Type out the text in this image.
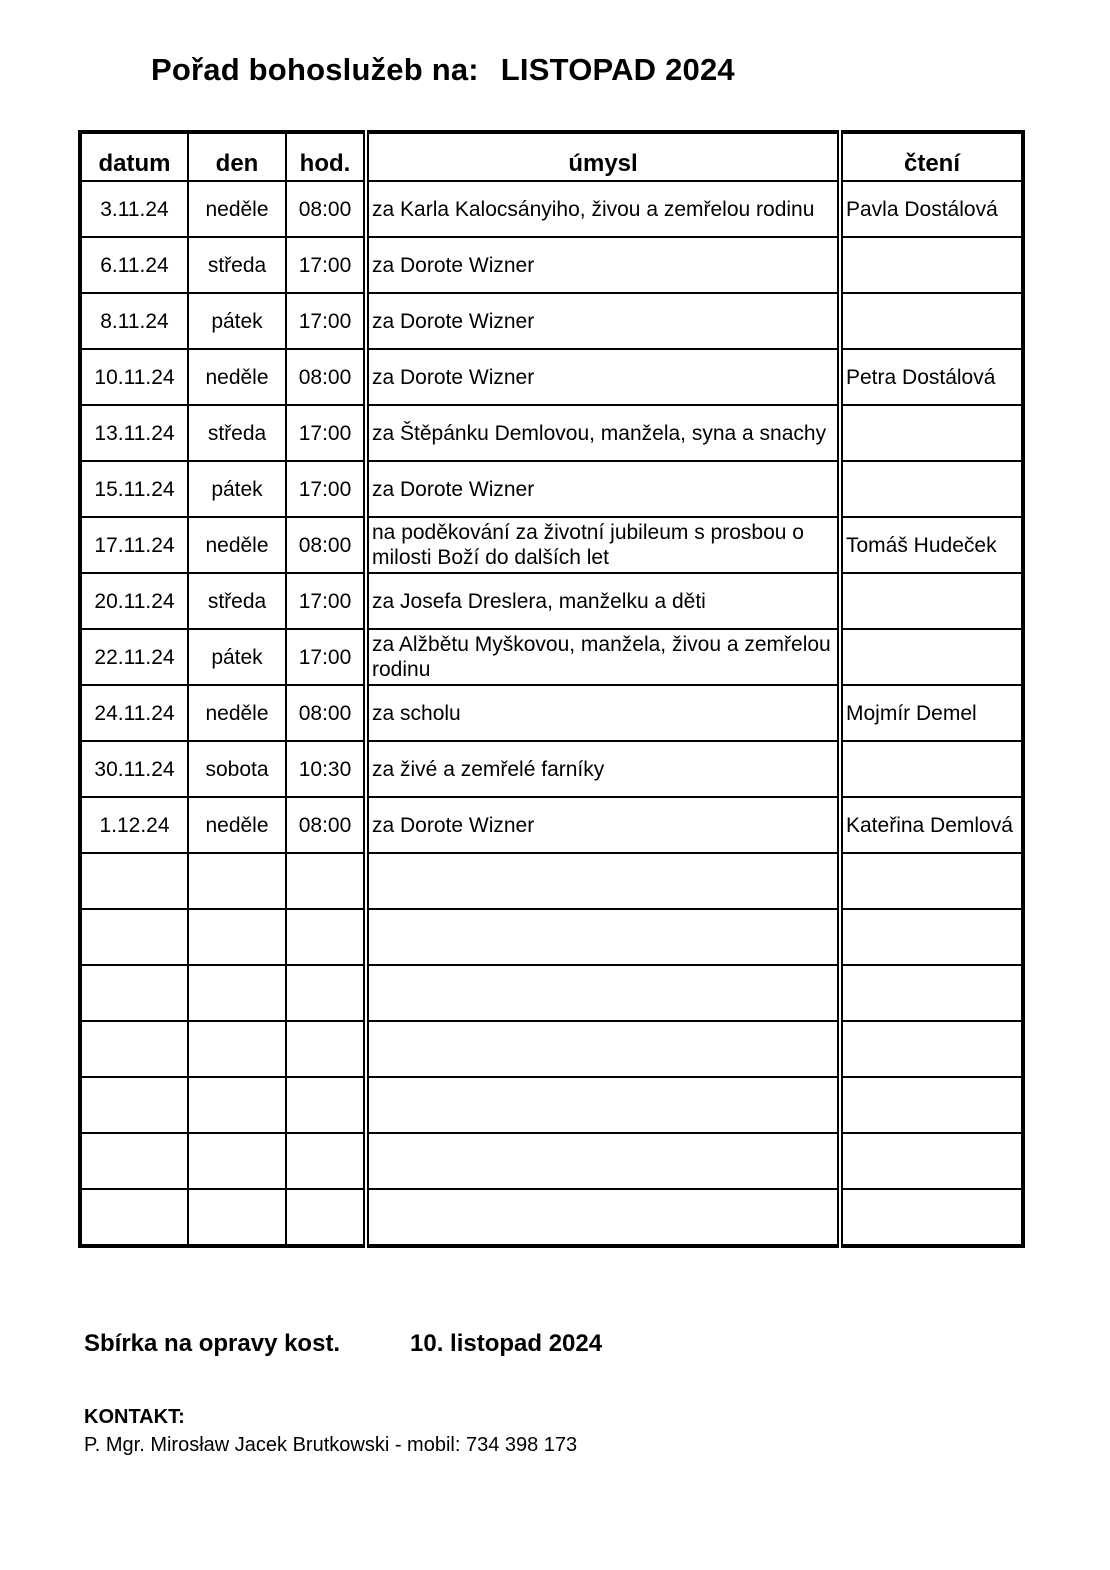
Pořad bohoslužeb na: LISTOPAD 2024
datum	den	hod.	úmysl	čtení
3.11.24	neděle	08:00	za Karla Kalocsányiho, živou a zemřelou rodinu	Pavla Dostálová
6.11.24	středa	17:00	za Dorote Wizner	
8.11.24	pátek	17:00	za Dorote Wizner	
10.11.24	neděle	08:00	za Dorote Wizner	Petra Dostálová
13.11.24	středa	17:00	za Štěpánku Demlovou, manžela, syna a snachy	
15.11.24	pátek	17:00	za Dorote Wizner	
17.11.24	neděle	08:00	na poděkování za životní jubileum s prosbou o milosti Boží do dalších let	Tomáš Hudeček
20.11.24	středa	17:00	za Josefa Dreslera, manželku a děti	
22.11.24	pátek	17:00	za Alžbětu Myškovou, manžela, živou a zemřelou rodinu	
24.11.24	neděle	08:00	za scholu	Mojmír Demel
30.11.24	sobota	10:30	za živé a zemřelé farníky	
1.12.24	neděle	08:00	za Dorote Wizner	Kateřina Demlová

Sbírka na opravy kost.	10. listopad 2024
KONTAKT:
P. Mgr. Mirosław Jacek Brutkowski - mobil: 734 398 173
